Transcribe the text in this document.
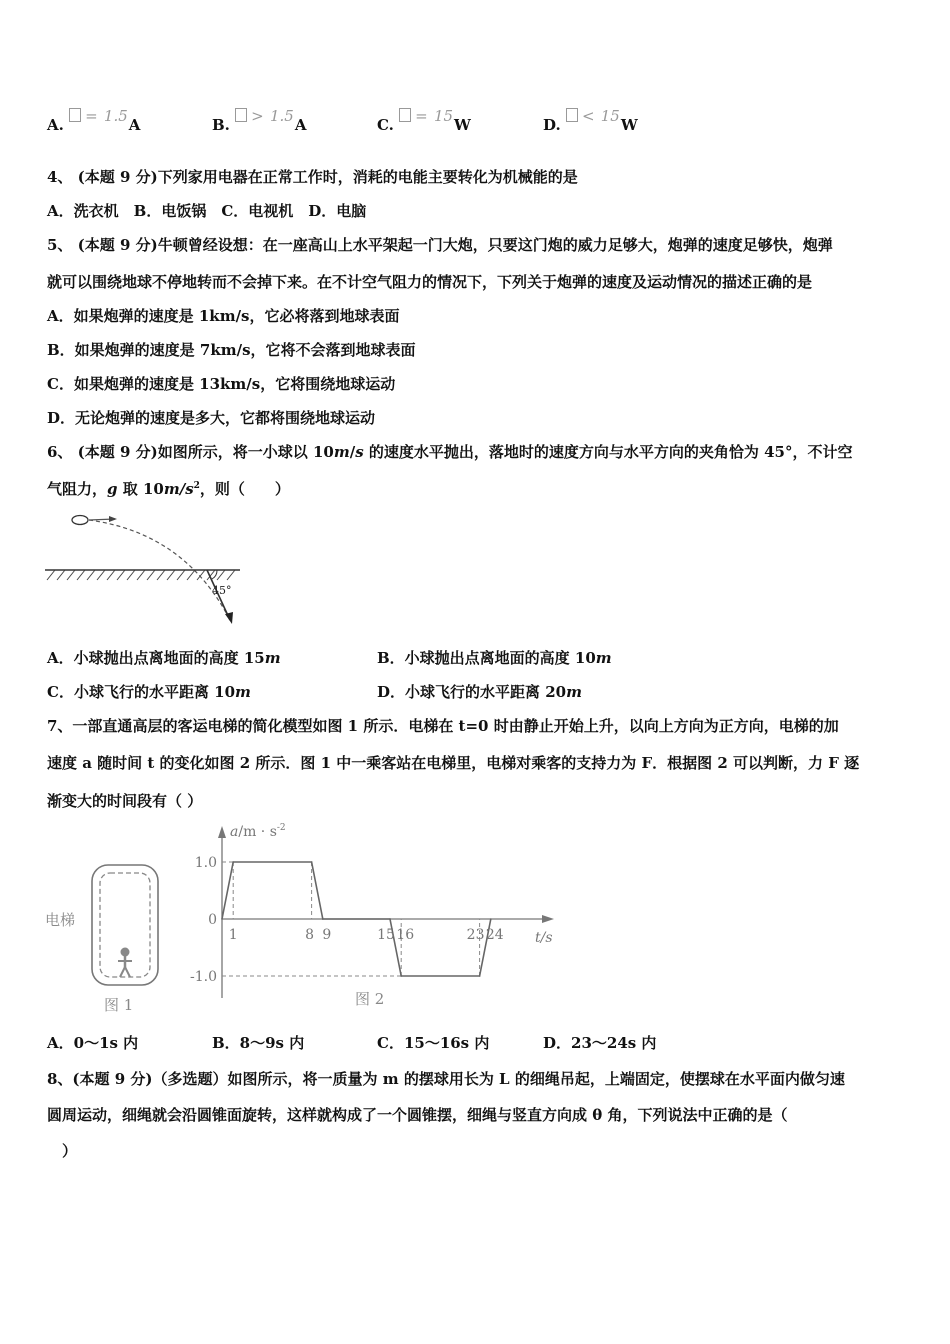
A. = 1.5A	B. > 1.5A	C. = 15W	D. < 15W
4、 (本题 9 分)下列家用电器在正常工作时，消耗的电能主要转化为机械能的是
A．洗衣机　B．电饭锅　C．电视机　D．电脑
5、 (本题 9 分)牛顿曾经设想：在一座高山上水平架起一门大炮，只要这门炮的威力足够大，炮弹的速度足够快，炮弹
就可以围绕地球不停地转而不会掉下来。在不计空气阻力的情况下，下列关于炮弹的速度及运动情况的描述正确的是
A．如果炮弹的速度是 1km/s，它必将落到地球表面
B．如果炮弹的速度是 7km/s，它将不会落到地球表面
C．如果炮弹的速度是 13km/s，它将围绕地球运动
D．无论炮弹的速度是多大，它都将围绕地球运动
6、 (本题 9 分)如图所示，将一小球以 10m/s 的速度水平抛出，落地时的速度方向与水平方向的夹角恰为 45°，不计空
气阻力，g 取 $10m/s^2$，则（　　）
45°
A．小球抛出点离地面的高度 15m	B．小球抛出点离地面的高度 10m
C．小球飞行的水平距离 10m	D．小球飞行的水平距离 20m
7、一部直通高层的客运电梯的简化模型如图 1 所示．电梯在 t=0 时由静止开始上升，以向上方向为正方向，电梯的加
速度 a 随时间 t 的变化如图 2 所示．图 1 中一乘客站在电梯里，电梯对乘客的支持力为 F．根据图 2 可以判断，力 F 逐
渐变大的时间段有（ ）
电梯
图 1
$a/m \cdot s^{-2}$
t/s
1.0
0
-1.0
1	8 9	15 16	23 24
图 2
A．0～1s 内	B．8～9s 内	C．15～16s 内	D．23～24s 内
8、(本题 9 分)（多选题）如图所示，将一质量为 m 的摆球用长为 L 的细绳吊起，上端固定，使摆球在水平面内做匀速
圆周运动，细绳就会沿圆锥面旋转，这样就构成了一个圆锥摆，细绳与竖直方向成 θ 角，下列说法中正确的是（
）
